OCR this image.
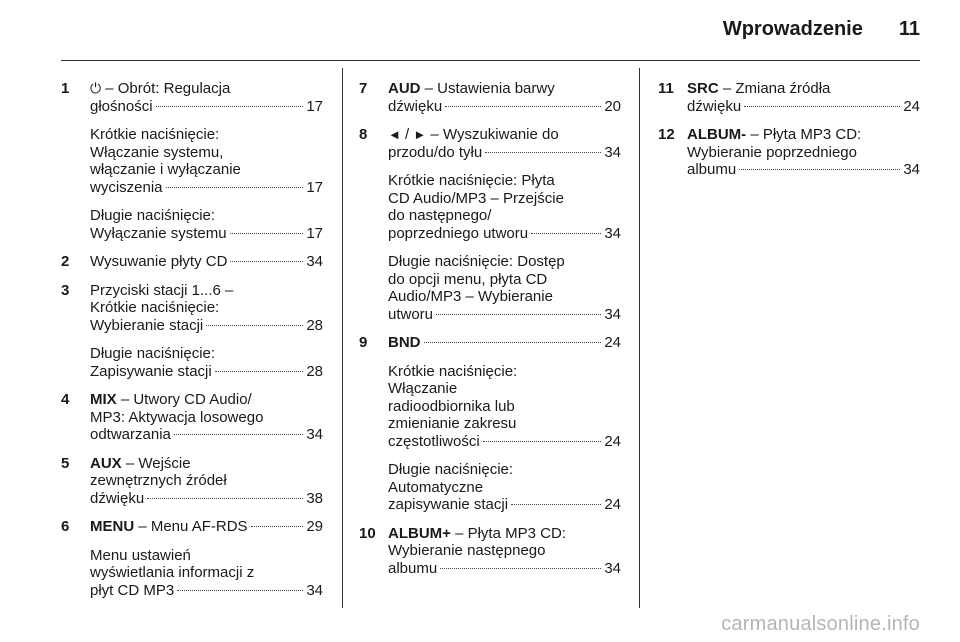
Wprowadzenie 11
1	⏻ – Obrót: Regulacja
głośności	17
Krótkie naciśnięcie:
Włączanie systemu,
włączanie i wyłączanie
wyciszenia	17
Długie naciśnięcie:
Wyłączanie systemu	17
2	Wysuwanie płyty CD	34
3	Przyciski stacji 1...6 –
Krótkie naciśnięcie:
Wybieranie stacji	28
Długie naciśnięcie:
Zapisywanie stacji	28
4	MIX – Utwory CD Audio/
MP3: Aktywacja losowego
odtwarzania	34
5	AUX – Wejście
zewnętrznych źródeł
dźwięku	38
6	MENU – Menu AF-RDS	29
Menu ustawień
wyświetlania informacji z
płyt CD MP3	34
7	AUD – Ustawienia barwy
dźwięku	20
8	◄ / ► – Wyszukiwanie do
przodu/do tyłu	34
Krótkie naciśnięcie: Płyta
CD Audio/MP3 – Przejście
do następnego/
poprzedniego utworu	34
Długie naciśnięcie: Dostęp
do opcji menu, płyta CD
Audio/MP3 – Wybieranie
utworu	34
9	BND	24
Krótkie naciśnięcie:
Włączanie
radioodbiornika lub
zmienianie zakresu
częstotliwości	24
Długie naciśnięcie:
Automatyczne
zapisywanie stacji	24
10 ALBUM+ – Płyta MP3 CD:
Wybieranie następnego
albumu	34
11 SRC – Zmiana źródła
dźwięku	24
12 ALBUM- – Płyta MP3 CD:
Wybieranie poprzedniego
albumu	34
carmanualsonline.info
